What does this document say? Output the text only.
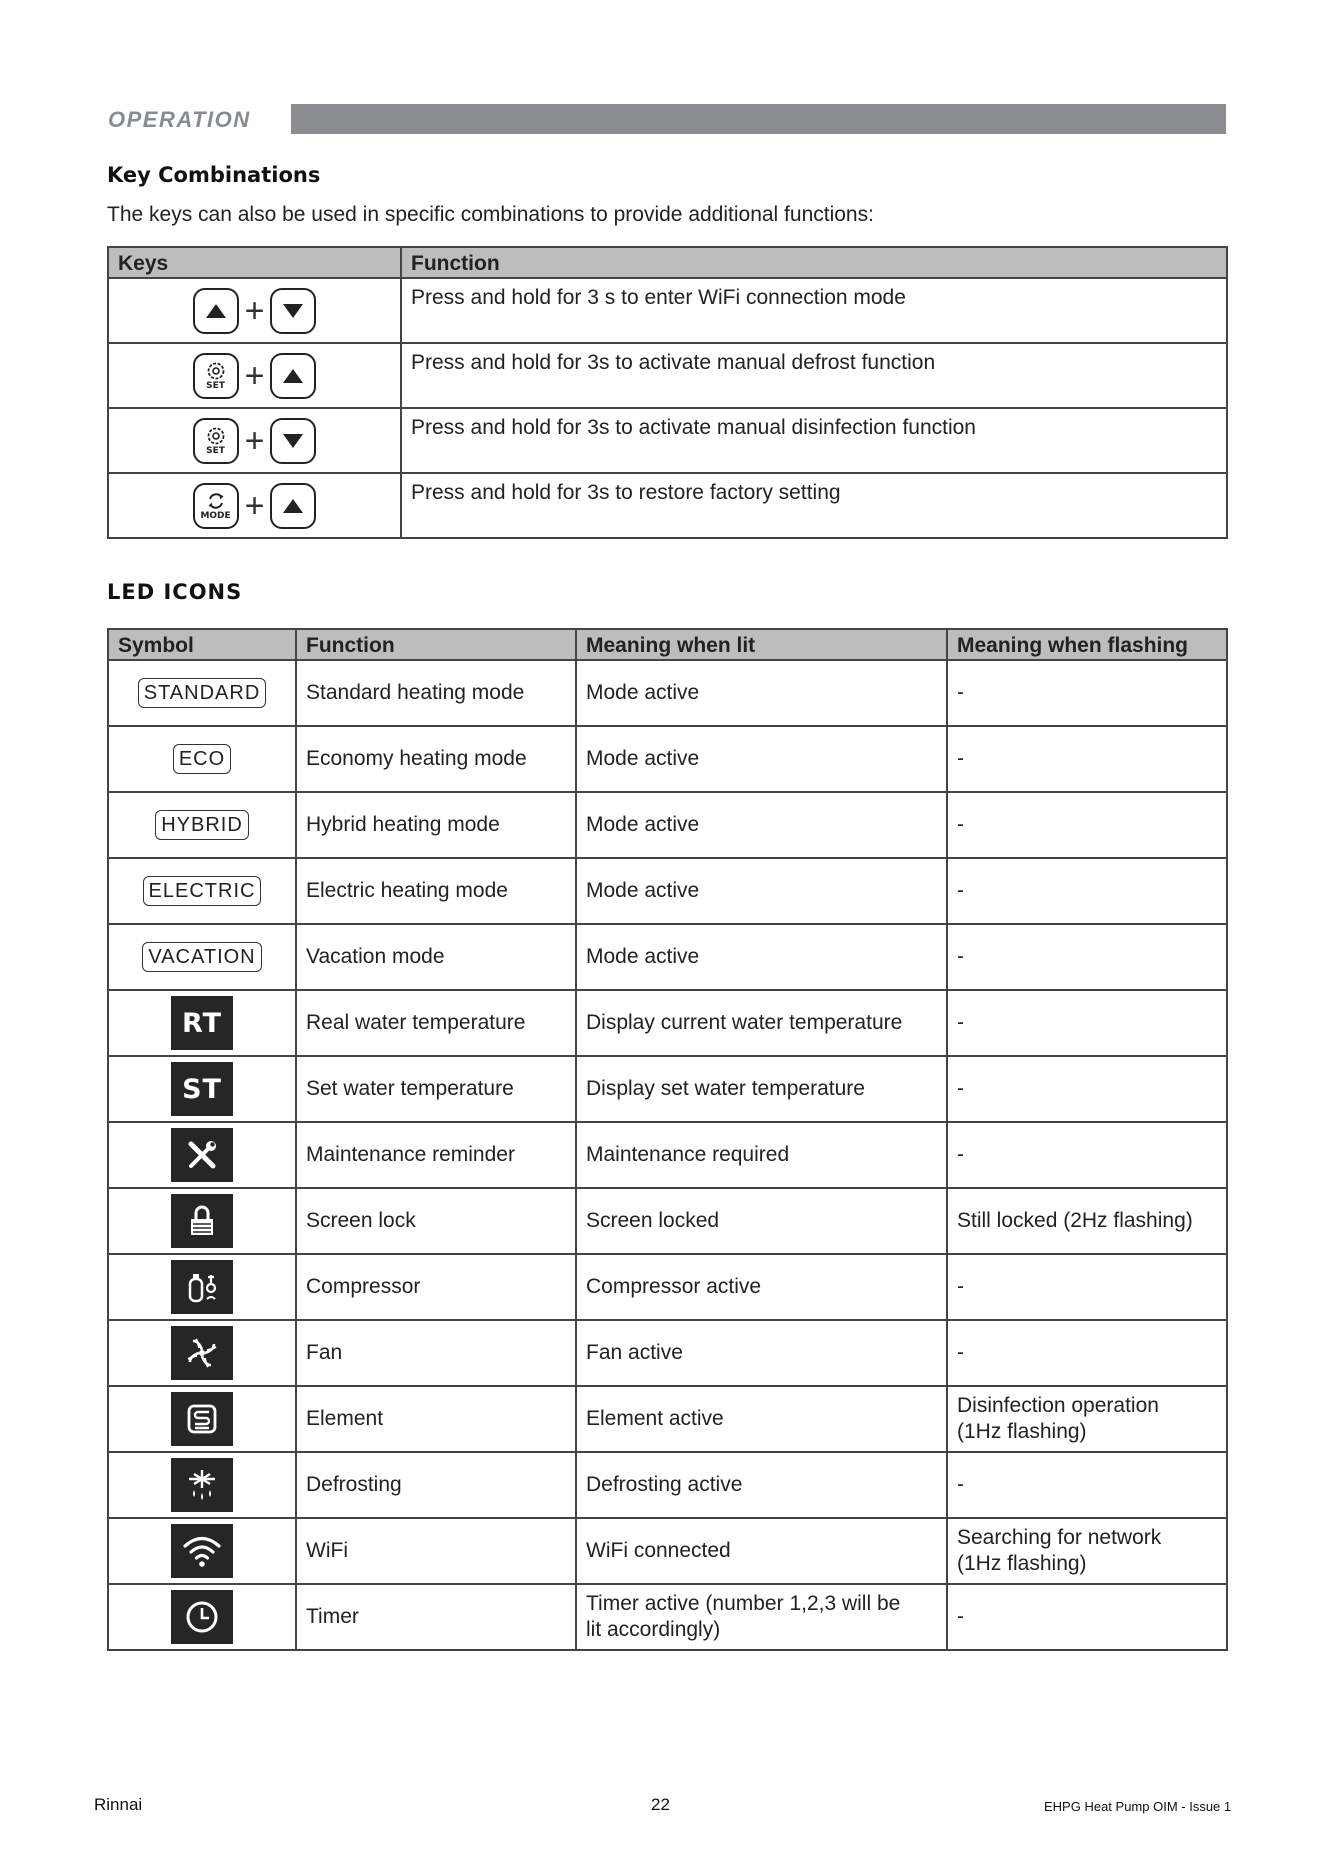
OPERATION
Key Combinations
The keys can also be used in specific combinations to provide additional functions:
Keys	Function

+	Press and hold for 3 s to enter WiFi connection mode

SET +	Press and hold for 3s to activate manual defrost function

SET +	Press and hold for 3s to activate manual disinfection function

MODE +	Press and hold for 3s to restore factory setting
LED ICONS
Symbol	Function	Meaning when lit	Meaning when flashing
STANDARD	Standard heating mode	Mode active	-
ECO	Economy heating mode	Mode active	-
HYBRID	Hybrid heating mode	Mode active	-
ELECTRIC	Electric heating mode	Mode active	-
VACATION	Vacation mode	Mode active	-

RT	Real water temperature	Display current water temperature	-

ST	Set water temperature	Display set water temperature	-

	Maintenance reminder	Maintenance required	-

	Screen lock	Screen locked	Still locked (2Hz flashing)

	Compressor	Compressor active	-

	Fan	Fan active	-

	Element	Element active	Disinfection operation
(1Hz flashing)

	Defrosting	Defrosting active	-

	WiFi	WiFi connected	Searching for network
(1Hz flashing)

	Timer	Timer active (number 1,2,3 will be
lit accordingly)	-
Rinnai	22	EHPG Heat Pump OIM - Issue 1
